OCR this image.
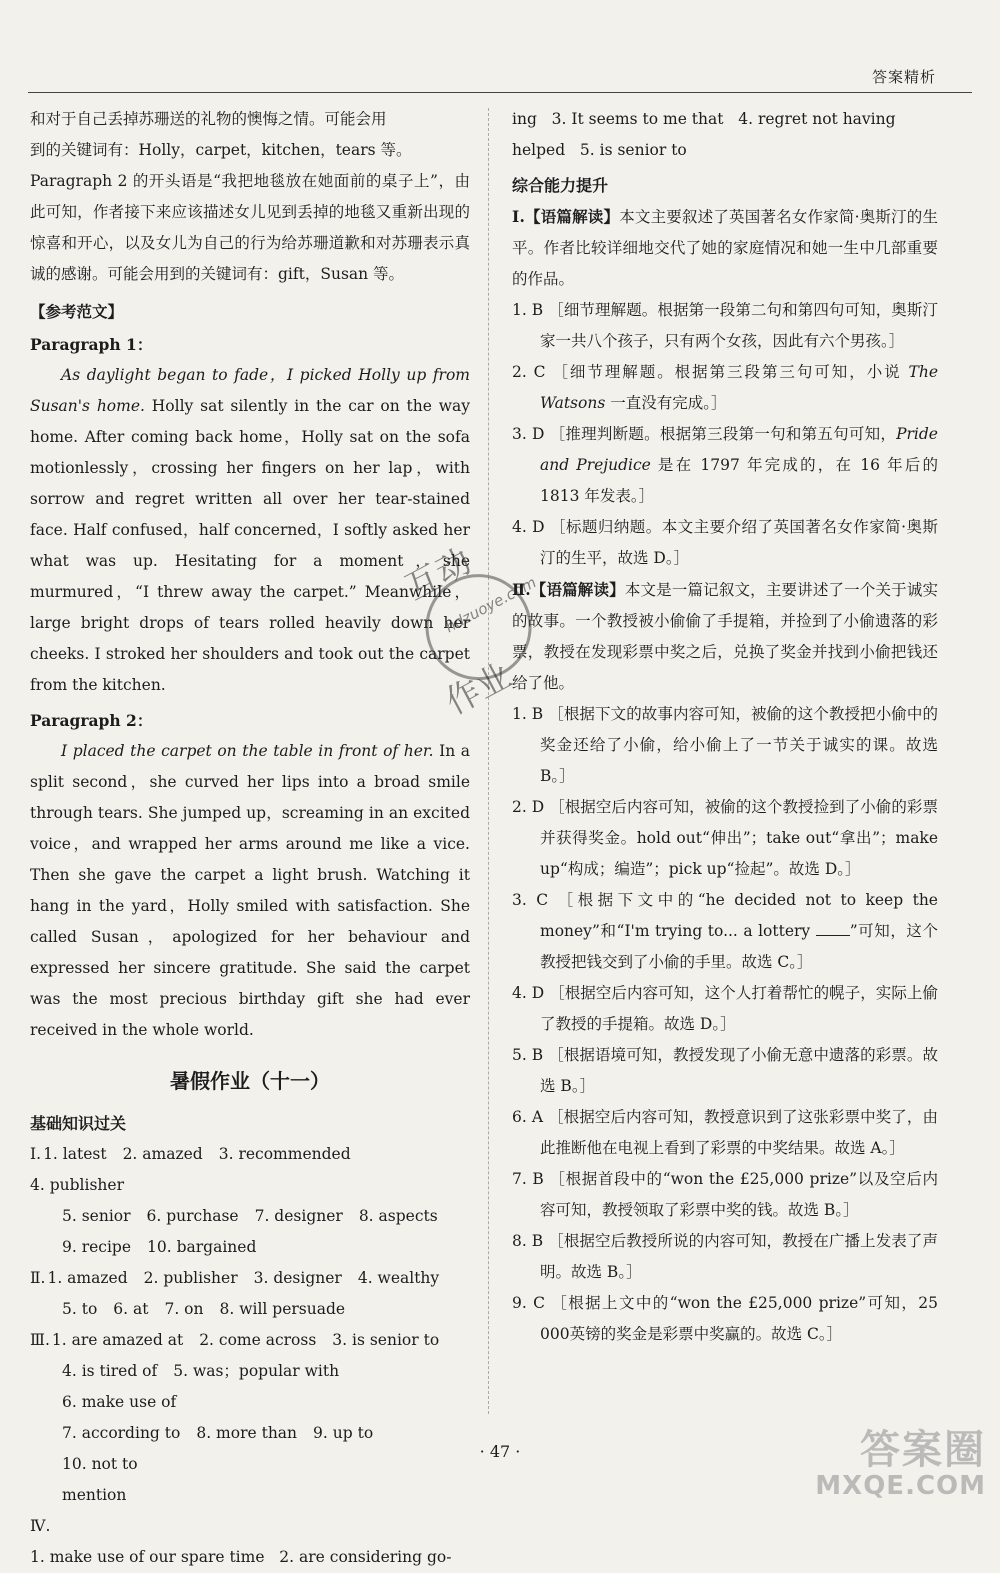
答案精析

和对于自己丢掉苏珊送的礼物的懊悔之情。可能会用

到的关键词有：Holly，carpet，kitchen，tears 等。

Paragraph 2 的开头语是“我把地毯放在她面前的桌子上”，由此可知，作者接下来应该描述女儿见到丢掉的地毯又重新出现的惊喜和开心，以及女儿为自己的行为给苏珊道歉和对苏珊表示真诚的感谢。可能会用到的关键词有：gift，Susan 等。

【参考范文】

Paragraph 1：

As daylight began to fade，I picked Holly up from Susan's home. Holly sat silently in the car on the way home. After coming back home，Holly sat on the sofa motionlessly，crossing her fingers on her lap，with sorrow and regret written all over her tear-stained face. Half confused，half concerned，I softly asked her what was up. Hesitating for a moment，she murmured，“I threw away the carpet.” Meanwhile，large bright drops of tears rolled heavily down her cheeks. I stroked her shoulders and took out the carpet from the kitchen.

Paragraph 2：

I placed the carpet on the table in front of her. In a split second，she curved her lips into a broad smile through tears. She jumped up，screaming in an excited voice，and wrapped her arms around me like a vice. Then she gave the carpet a light brush. Watching it hang in the yard，Holly smiled with satisfaction. She called Susan，apologized for her behaviour and expressed her sincere gratitude. She said the carpet was the most precious birthday gift she had ever received in the whole world.

暑假作业（十一）

基础知识过关

Ⅰ. 1. latest 2. amazed 3. recommended
4. publisher
5. senior 6. purchase 7. designer 8. aspects
9. recipe 10. bargained
Ⅱ. 1. amazed 2. publisher 3. designer 4. wealthy
5. to 6. at 7. on 8. will persuade
Ⅲ. 1. are amazed at 2. come across 3. is senior to
4. is tired of 5. was；popular with
6. make use of
7. according to 8. more than 9. up to
10. not to
mention
Ⅳ.
1. make use of our spare time   2. are considering go-

ing   3. It seems to me that   4. regret not having

helped   5. is senior to

综合能力提升

Ⅰ.【语篇解读】本文主要叙述了英国著名女作家简·奥斯汀的生平。作者比较详细地交代了她的家庭情况和她一生中几部重要的作品。

1. B ［细节理解题。根据第一段第二句和第四句可知，奥斯汀家一共八个孩子，只有两个女孩，因此有六个男孩。］

2. C ［细节理解题。根据第三段第三句可知，小说 The Watsons 一直没有完成。］

3. D ［推理判断题。根据第三段第一句和第五句可知，Pride and Prejudice 是在 1797 年完成的，在 16 年后的 1813 年发表。］

4. D ［标题归纳题。本文主要介绍了英国著名女作家简·奥斯汀的生平，故选 D。］

Ⅱ.【语篇解读】本文是一篇记叙文，主要讲述了一个关于诚实的故事。一个教授被小偷偷了手提箱，并捡到了小偷遗落的彩票，教授在发现彩票中奖之后，兑换了奖金并找到小偷把钱还给了他。

1. B ［根据下文的故事内容可知，被偷的这个教授把小偷中的奖金还给了小偷，给小偷上了一节关于诚实的课。故选 B。］

2. D ［根据空后内容可知，被偷的这个教授捡到了小偷的彩票并获得奖金。hold out“伸出”；take out“拿出”；make up“构成；编造”；pick up“捡起”。故选 D。］

3. C ［根据下文中的“he decided not to keep the money”和“I'm trying to... a lottery ”可知，这个教授把钱交到了小偷的手里。故选 C。］

4. D ［根据空后内容可知，这个人打着帮忙的幌子，实际上偷了教授的手提箱。故选 D。］

5. B ［根据语境可知，教授发现了小偷无意中遗落的彩票。故选 B。］

6. A ［根据空后内容可知，教授意识到了这张彩票中奖了，由此推断他在电视上看到了彩票的中奖结果。故选 A。］

7. B ［根据首段中的“won the £25,000 prize”以及空后内容可知，教授领取了彩票中奖的钱。故选 B。］

8. B ［根据空后教授所说的内容可知，教授在广播上发表了声明。故选 B。］

9. C ［根据上文中的“won the £25,000 prize”可知，25 000英镑的奖金是彩票中奖赢的。故选 C。］

互动
hdzuoye.com
作业
· 47 ·	答案圈
MXQE.COM
